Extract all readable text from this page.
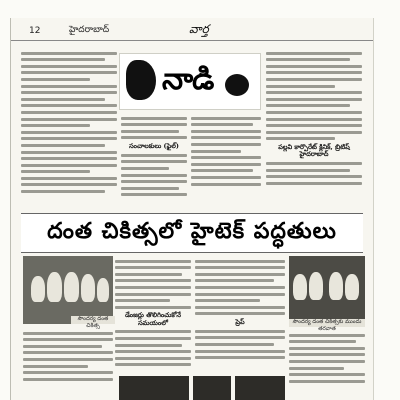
12	హైదరాబాద్	వార్త
నాడి
సంచాలకులు (ఫైల్)	పల్లవి కార్పొరేట్ క్లినిక్, బ్రిటిష్ హైదరాబాద్
దంత చికిత్సలో హైటెక్ పద్ధతులు
సౌందర్య దంత చికిత్స
డేంజర్లు తొలిగించుకోనే సమయంలో	ప్రెప్	సౌందర్య దంత చికిత్సకు ముందు తరవాత
